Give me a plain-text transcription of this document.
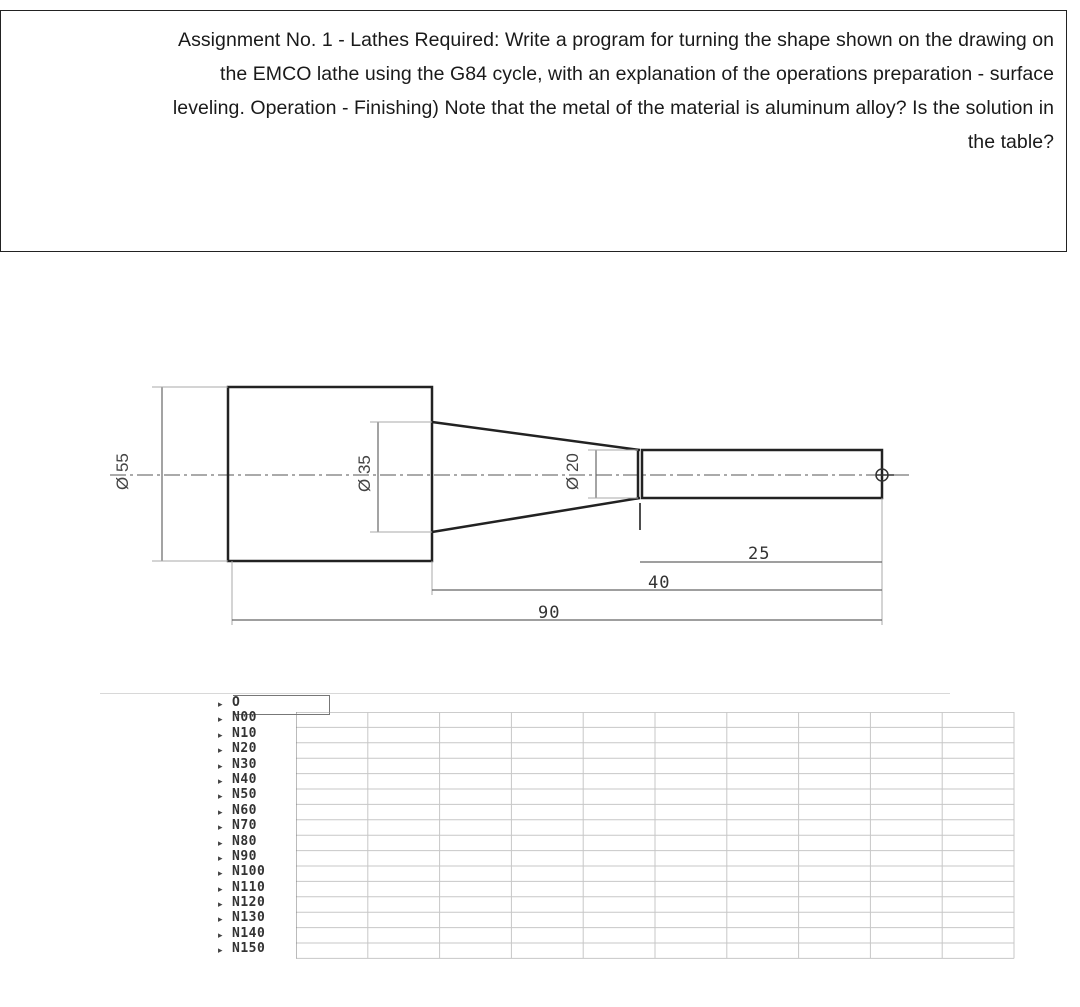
Assignment No. 1 - Lathes Required: Write a program for turning the shape shown on the drawing on
the EMCO lathe using the G84 cycle, with an explanation of the operations preparation - surface
leveling. Operation - Finishing) Note that the metal of the material is aluminum alloy? Is the solution in
the table?

Ø 55	Ø 35	Ø 20
25
40
90
▸ O
▸ N00
▸ N10
▸ N20
▸ N30
▸ N40
▸ N50
▸ N60
▸ N70
▸ N80
▸ N90
▸ N100
▸ N110
▸ N120
▸ N130
▸ N140
▸ N150
